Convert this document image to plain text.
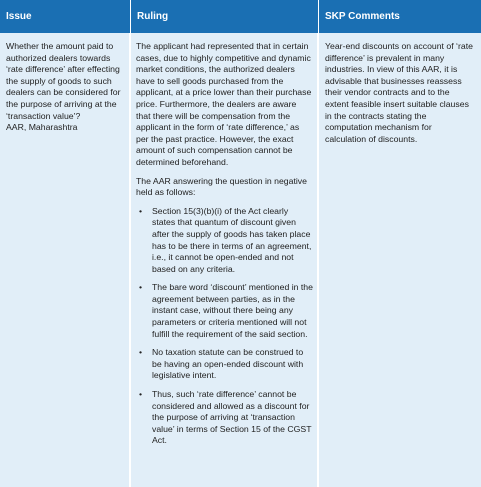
Issue	Ruling	SKP Comments

Whether the amount paid to authorized dealers towards ‘rate difference’ after effecting the supply of goods to such dealers can be considered for the purpose of arriving at the ‘transaction value’?

AAR, Maharashtra

The applicant had represented that in certain cases, due to highly competitive and dynamic market conditions, the authorized dealers have to sell goods purchased from the applicant, at a price lower than their purchase price. Furthermore, the dealers are aware that there will be compensation from the applicant in the form of ‘rate difference,’ as per the past practice. However, the exact amount of such compensation cannot be determined beforehand.

The AAR answering the question in negative held as follows:

• Section 15(3)(b)(i) of the Act clearly states that quantum of discount given after the supply of goods has taken place has to be there in terms of an agreement, i.e., it cannot be open-ended and not based on any criteria.
• The bare word ‘discount’ mentioned in the agreement between parties, as in the instant case, without there being any parameters or criteria mentioned will not fulfill the requirement of the said section.
• No taxation statute can be construed to be having an open-ended discount with legislative intent.
• Thus, such ‘rate difference’ cannot be considered and allowed as a discount for the purpose of arriving at ‘transaction value’ in terms of Section 15 of the CGST Act.

Year-end discounts on account of ‘rate difference’ is prevalent in many industries. In view of this AAR, it is advisable that businesses reassess their vendor contracts and to the extent feasible insert suitable clauses in the contracts stating the computation mechanism for calculation of discounts.
